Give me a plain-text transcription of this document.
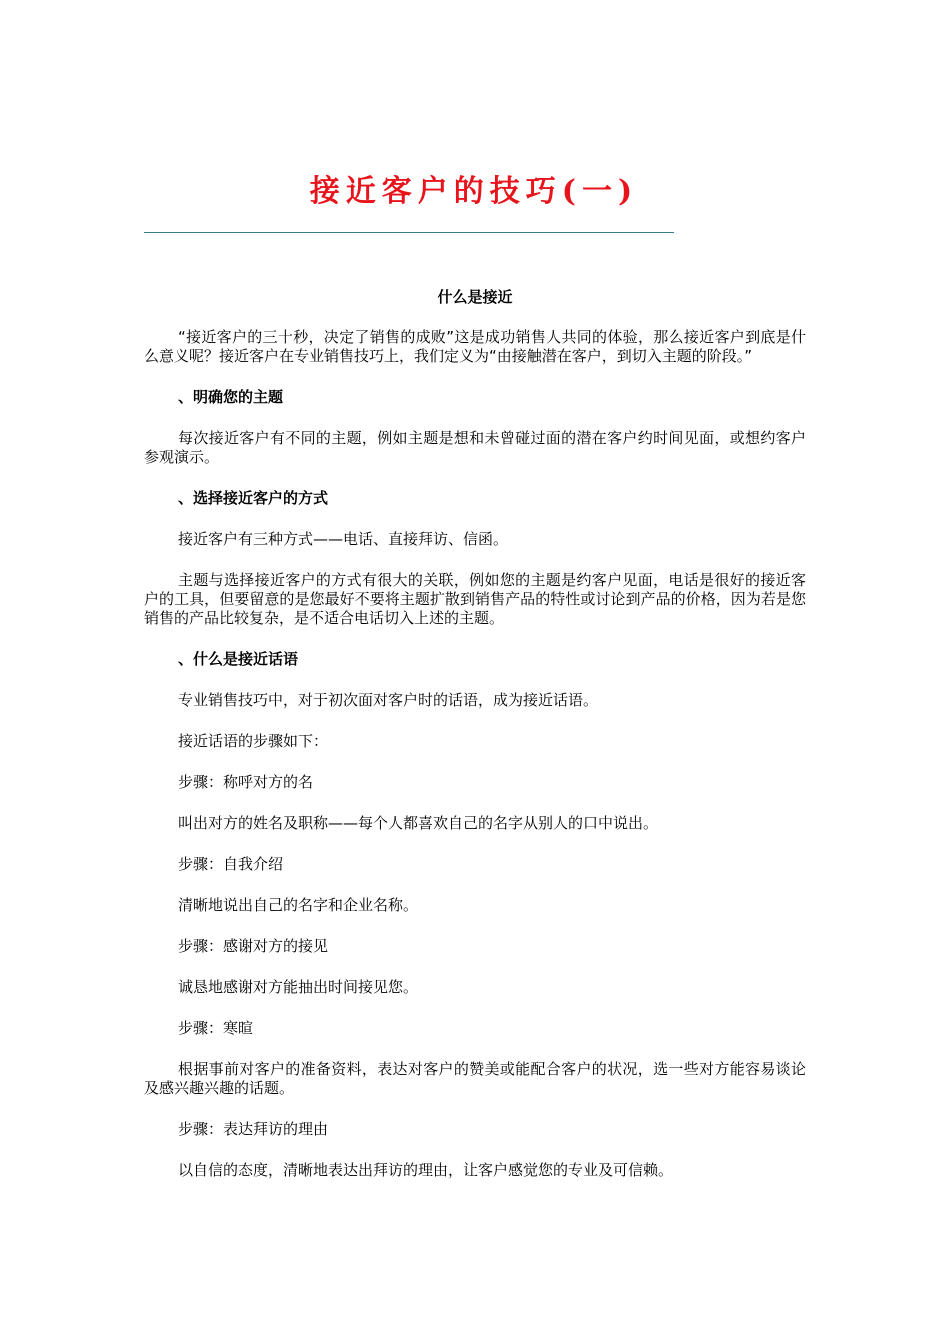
接近客户的技巧(一)
什么是接近
“接近客户的三十秒，决定了销售的成败”这是成功销售人共同的体验，那么接近客户到底是什么意义呢？接近客户在专业销售技巧上，我们定义为“由接触潜在客户，到切入主题的阶段。”
、明确您的主题
每次接近客户有不同的主题，例如主题是想和未曾碰过面的潜在客户约时间见面，或想约客户参观演示。
、选择接近客户的方式
接近客户有三种方式——电话、直接拜访、信函。
主题与选择接近客户的方式有很大的关联，例如您的主题是约客户见面，电话是很好的接近客户的工具，但要留意的是您最好不要将主题扩散到销售产品的特性或讨论到产品的价格，因为若是您销售的产品比较复杂，是不适合电话切入上述的主题。
、什么是接近话语
专业销售技巧中，对于初次面对客户时的话语，成为接近话语。
接近话语的步骤如下：
步骤：称呼对方的名
叫出对方的姓名及职称——每个人都喜欢自己的名字从别人的口中说出。
步骤：自我介绍
清晰地说出自己的名字和企业名称。
步骤：感谢对方的接见
诚恳地感谢对方能抽出时间接见您。
步骤：寒暄
根据事前对客户的准备资料，表达对客户的赞美或能配合客户的状况，选一些对方能容易谈论及感兴趣兴趣的话题。
步骤：表达拜访的理由
以自信的态度，清晰地表达出拜访的理由，让客户感觉您的专业及可信赖。
